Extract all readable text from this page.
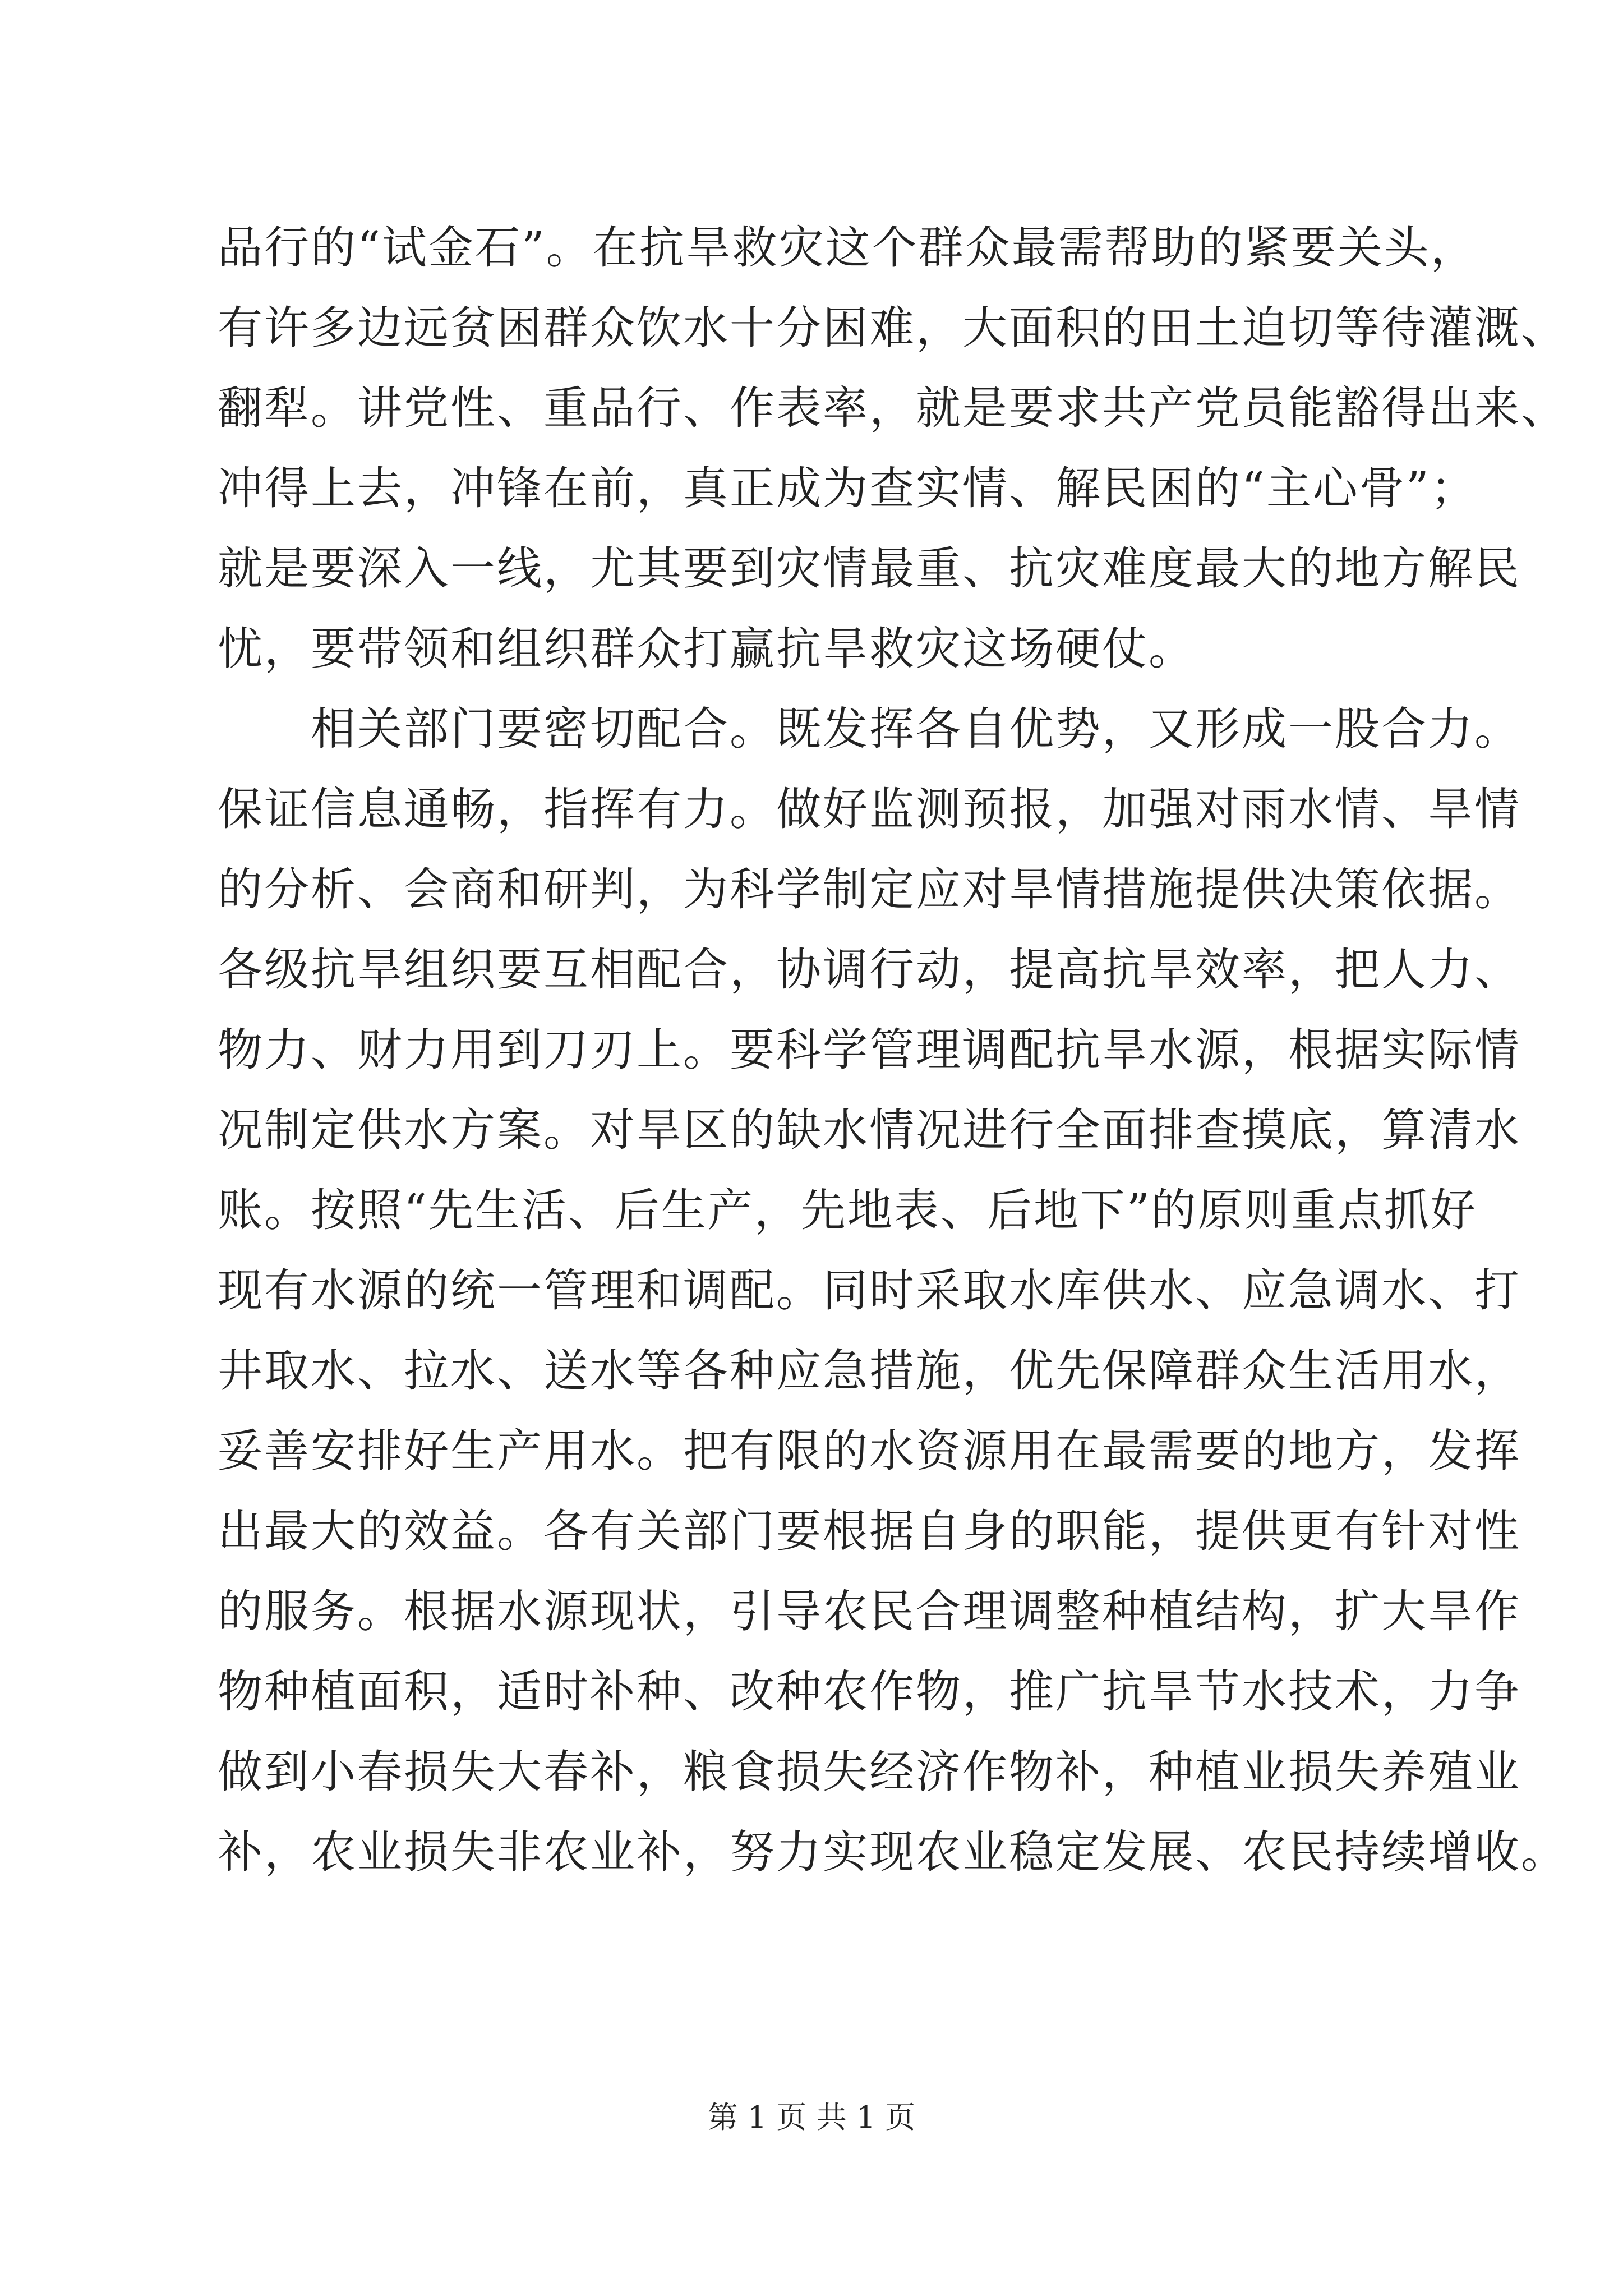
品行的“试金石”。在抗旱救灾这个群众最需帮助的紧要关头，
有许多边远贫困群众饮水十分困难，大面积的田土迫切等待灌溉、
翻犁。讲党性、重品行、作表率，就是要求共产党员能豁得出来、
冲得上去，冲锋在前，真正成为查实情、解民困的“主心骨”；
就是要深入一线，尤其要到灾情最重、抗灾难度最大的地方解民
忧，要带领和组织群众打赢抗旱救灾这场硬仗。
　　相关部门要密切配合。既发挥各自优势，又形成一股合力。
保证信息通畅，指挥有力。做好监测预报，加强对雨水情、旱情
的分析、会商和研判，为科学制定应对旱情措施提供决策依据。
各级抗旱组织要互相配合，协调行动，提高抗旱效率，把人力、
物力、财力用到刀刃上。要科学管理调配抗旱水源，根据实际情
况制定供水方案。对旱区的缺水情况进行全面排查摸底，算清水
账。按照“先生活、后生产，先地表、后地下”的原则重点抓好
现有水源的统一管理和调配。同时采取水库供水、应急调水、打
井取水、拉水、送水等各种应急措施，优先保障群众生活用水，
妥善安排好生产用水。把有限的水资源用在最需要的地方，发挥
出最大的效益。各有关部门要根据自身的职能，提供更有针对性
的服务。根据水源现状，引导农民合理调整种植结构，扩大旱作
物种植面积，适时补种、改种农作物，推广抗旱节水技术，力争
做到小春损失大春补，粮食损失经济作物补，种植业损失养殖业
补，农业损失非农业补，努力实现农业稳定发展、农民持续增收。
第 1 页 共 1 页
